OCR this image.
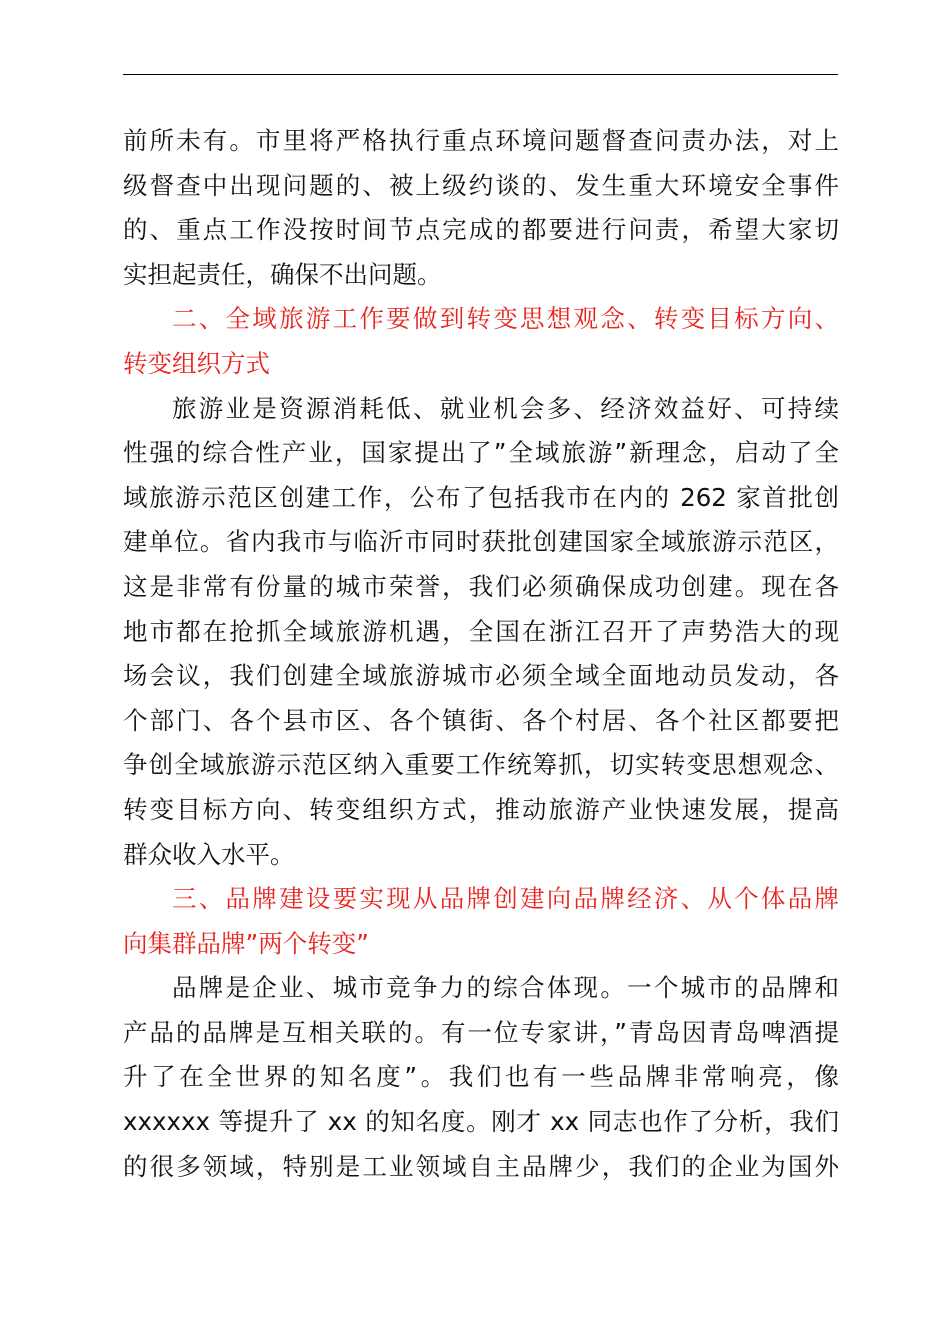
前所未有。市里将严格执行重点环境问题督查问责办法，对上
级督查中出现问题的、被上级约谈的、发生重大环境安全事件
的、重点工作没按时间节点完成的都要进行问责，希望大家切
实担起责任，确保不出问题。
二、全域旅游工作要做到转变思想观念、转变目标方向、
转变组织方式
旅游业是资源消耗低、就业机会多、经济效益好、可持续
性强的综合性产业，国家提出了”全域旅游”新理念，启动了全
域旅游示范区创建工作，公布了包括我市在内的 262 家首批创
建单位。省内我市与临沂市同时获批创建国家全域旅游示范区，
这是非常有份量的城市荣誉，我们必须确保成功创建。现在各
地市都在抢抓全域旅游机遇，全国在浙江召开了声势浩大的现
场会议，我们创建全域旅游城市必须全域全面地动员发动，各
个部门、各个县市区、各个镇街、各个村居、各个社区都要把
争创全域旅游示范区纳入重要工作统筹抓，切实转变思想观念、
转变目标方向、转变组织方式，推动旅游产业快速发展，提高
群众收入水平。
三、品牌建设要实现从品牌创建向品牌经济、从个体品牌
向集群品牌”两个转变”
品牌是企业、城市竞争力的综合体现。一个城市的品牌和
产品的品牌是互相关联的。有一位专家讲，”青岛因青岛啤酒提
升了在全世界的知名度”。我们也有一些品牌非常响亮，像
xxxxxx 等提升了 xx 的知名度。刚才 xx 同志也作了分析，我们
的很多领域，特别是工业领域自主品牌少，我们的企业为国外
